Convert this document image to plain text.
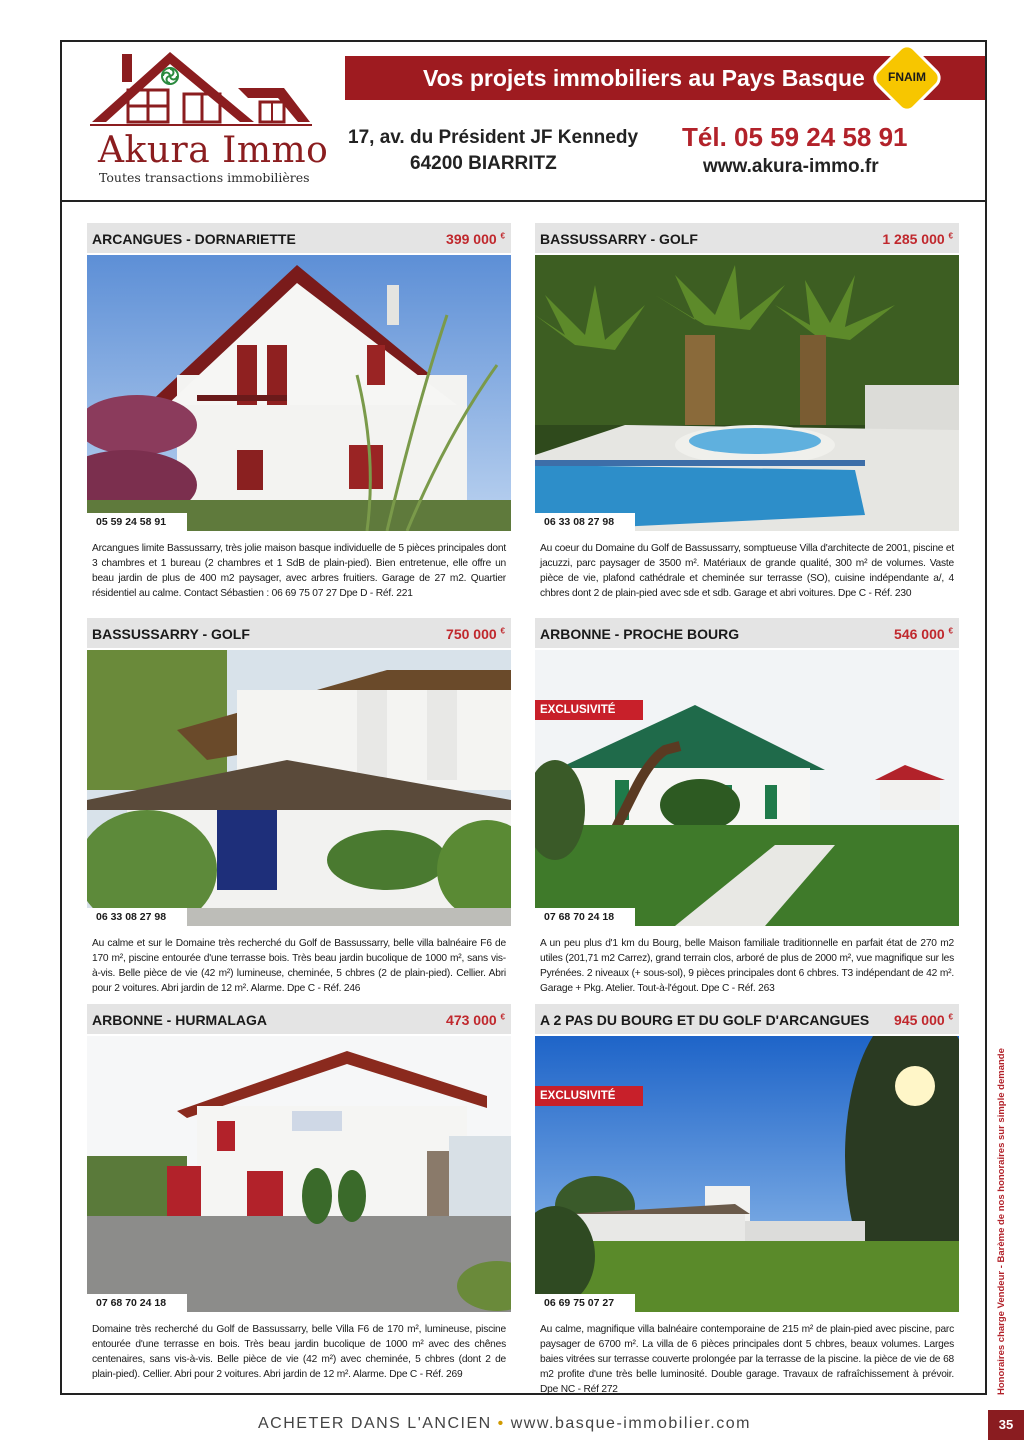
Akura Immo
Toutes transactions immobilières
Vos projets immobiliers au Pays Basque	FNAIM
17, av. du Président JF Kennedy
64200 BIARRITZ
Tél. 05 59 24 58 91
www.akura-immo.fr
ARCANGUES - DORNARIETTE	399 000 €
05 59 24 58 91
Arcangues limite Bassussarry, très jolie maison basque individuelle de 5 pièces principales dont 3 chambres et 1 bureau (2 chambres et 1 SdB de plain-pied). Bien entretenue, elle offre un beau jardin de plus de 400 m2 paysager, avec arbres fruitiers. Garage de 27 m2. Quartier résidentiel au calme. Contact Sébastien : 06 69 75 07 27 Dpe D - Réf. 221
BASSUSSARRY - GOLF	1 285 000 €
06 33 08 27 98
Au coeur du Domaine du Golf de Bassussarry, somptueuse Villa d'architecte de 2001, piscine et jacuzzi, parc paysager de 3500 m². Matériaux de grande qualité, 300 m² de volumes. Vaste pièce de vie, plafond cathédrale et cheminée sur terrasse (SO), cuisine indépendante a/, 4 chbres dont 2 de plain-pied avec sde et sdb. Garage et abri voitures. Dpe C - Réf. 230
BASSUSSARRY - GOLF	750 000 €
06 33 08 27 98
Au calme et sur le Domaine très recherché du Golf de Bassussarry, belle villa balnéaire F6 de 170 m², piscine entourée d'une terrasse bois. Très beau jardin bucolique de 1000 m², sans vis-à-vis. Belle pièce de vie (42 m²) lumineuse, cheminée, 5 chbres (2 de plain-pied). Cellier. Abri pour 2 voitures. Abri jardin de 12 m². Alarme. Dpe C - Réf. 246
ARBONNE - PROCHE BOURG	546 000 €
EXCLUSIVITÉ
07 68 70 24 18
A un peu plus d'1 km du Bourg, belle Maison familiale traditionnelle en parfait état de 270 m2 utiles (201,71 m2 Carrez), grand terrain clos, arboré de plus de 2000 m², vue magnifique sur les Pyrénées. 2 niveaux (+ sous-sol), 9 pièces principales dont 6 chbres. T3 indépendant de 42 m². Garage + Pkg. Atelier. Tout-à-l'égout. Dpe C - Réf. 263
ARBONNE - HURMALAGA	473 000 €
07 68 70 24 18
Domaine très recherché du Golf de Bassussarry, belle Villa F6 de 170 m², lumineuse, piscine entourée d'une terrasse en bois. Très beau jardin bucolique de 1000 m² avec des chênes centenaires, sans vis-à-vis. Belle pièce de vie (42 m²) avec cheminée, 5 chbres (dont 2 de plain-pied). Cellier. Abri pour 2 voitures. Abri jardin de 12 m². Alarme. Dpe C - Réf. 269
A 2 PAS DU BOURG ET DU GOLF D'ARCANGUES 945 000 €
EXCLUSIVITÉ
06 69 75 07 27
Au calme, magnifique villa balnéaire contemporaine de 215 m² de plain-pied avec piscine, parc paysager de 6700 m². La villa de 6 pièces principales dont 5 chbres, beaux volumes. Larges baies vitrées sur terrasse couverte prolongée par la terrasse de la piscine. la pièce de vie de 68 m2 profite d'une très belle luminosité. Double garage. Travaux de rafraîchissement à prévoir. Dpe NC - Réf 272
ACHETER DANS L'ANCIEN • www.basque-immobilier.com	35
Honoraires charge Vendeur - Barème de nos honoraires sur simple demande
